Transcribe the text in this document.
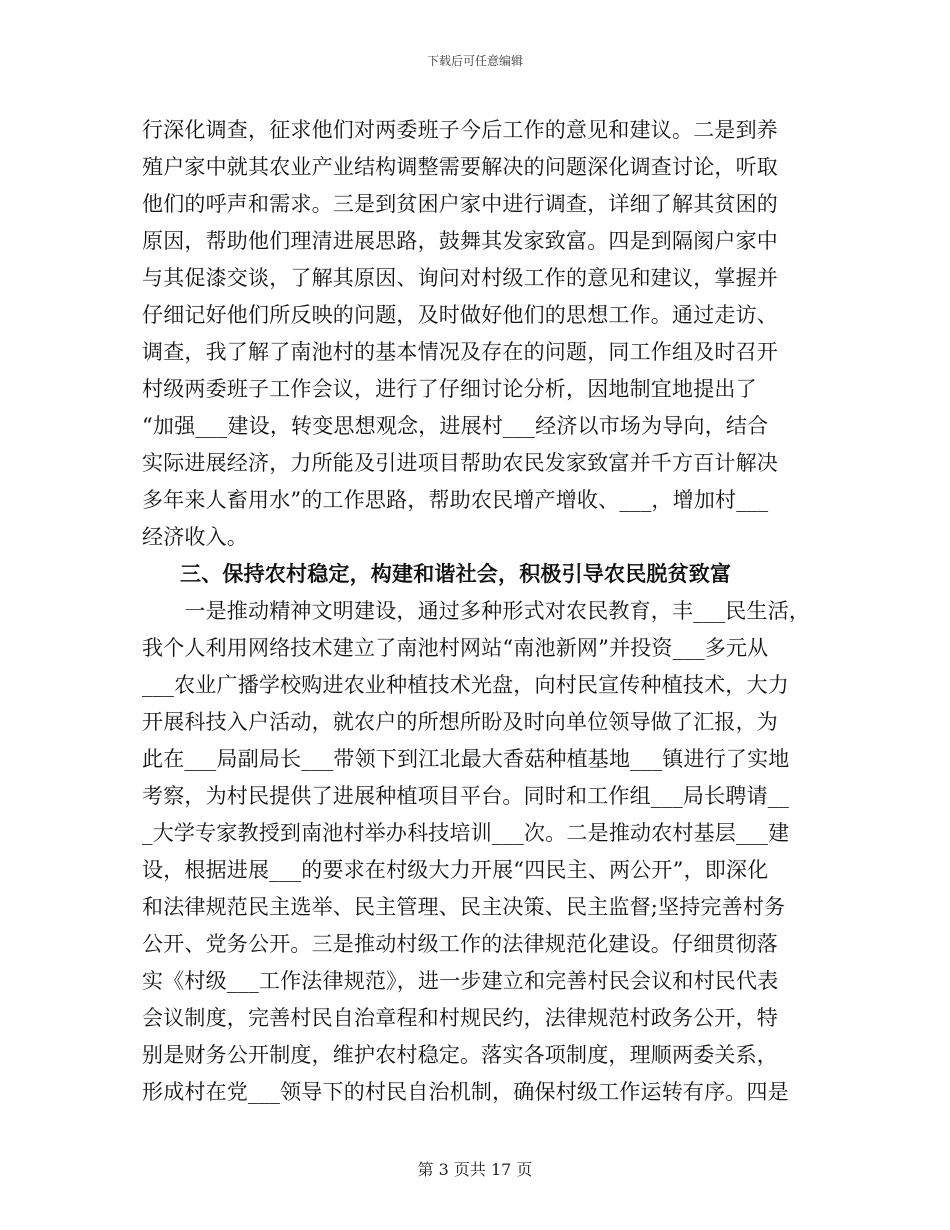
下载后可任意编辑
行深化调查，征求他们对两委班子今后工作的意见和建议。二是到养
殖户家中就其农业产业结构调整需要解决的问题深化调查讨论，听取
他们的呼声和需求。三是到贫困户家中进行调查，详细了解其贫困的
原因，帮助他们理清进展思路，鼓舞其发家致富。四是到隔阂户家中
与其促漆交谈，了解其原因、询问对村级工作的意见和建议，掌握并
仔细记好他们所反映的问题，及时做好他们的思想工作。通过走访、
调查，我了解了南池村的基本情况及存在的问题，同工作组及时召开
村级两委班子工作会议，进行了仔细讨论分析，因地制宜地提出了
“加强___建设，转变思想观念，进展村___经济以市场为导向，结合
实际进展经济，力所能及引进项目帮助农民发家致富并千方百计解决
多年来人畜用水”的工作思路，帮助农民增产增收、___，增加村___
经济收入。
三、保持农村稳定，构建和谐社会，积极引导农民脱贫致富
　　一是推动精神文明建设，通过多种形式对农民教育，丰___民生活，
我个人利用网络技术建立了南池村网站“南池新网”并投资___多元从
___农业广播学校购进农业种植技术光盘，向村民宣传种植技术，大力
开展科技入户活动，就农户的所想所盼及时向单位领导做了汇报，为
此在___局副局长___带领下到江北最大香菇种植基地___镇进行了实地
考察，为村民提供了进展种植项目平台。同时和工作组___局长聘请__
_大学专家教授到南池村举办科技培训___次。二是推动农村基层___建
设，根据进展___的要求在村级大力开展“四民主、两公开”，即深化
和法律规范民主选举、民主管理、民主决策、民主监督;坚持完善村务
公开、党务公开。三是推动村级工作的法律规范化建设。仔细贯彻落
实《村级___工作法律规范》，进一步建立和完善村民会议和村民代表
会议制度，完善村民自治章程和村规民约，法律规范村政务公开，特
别是财务公开制度，维护农村稳定。落实各项制度，理顺两委关系，
形成村在党___领导下的村民自治机制，确保村级工作运转有序。四是
第 3 页共 17 页
